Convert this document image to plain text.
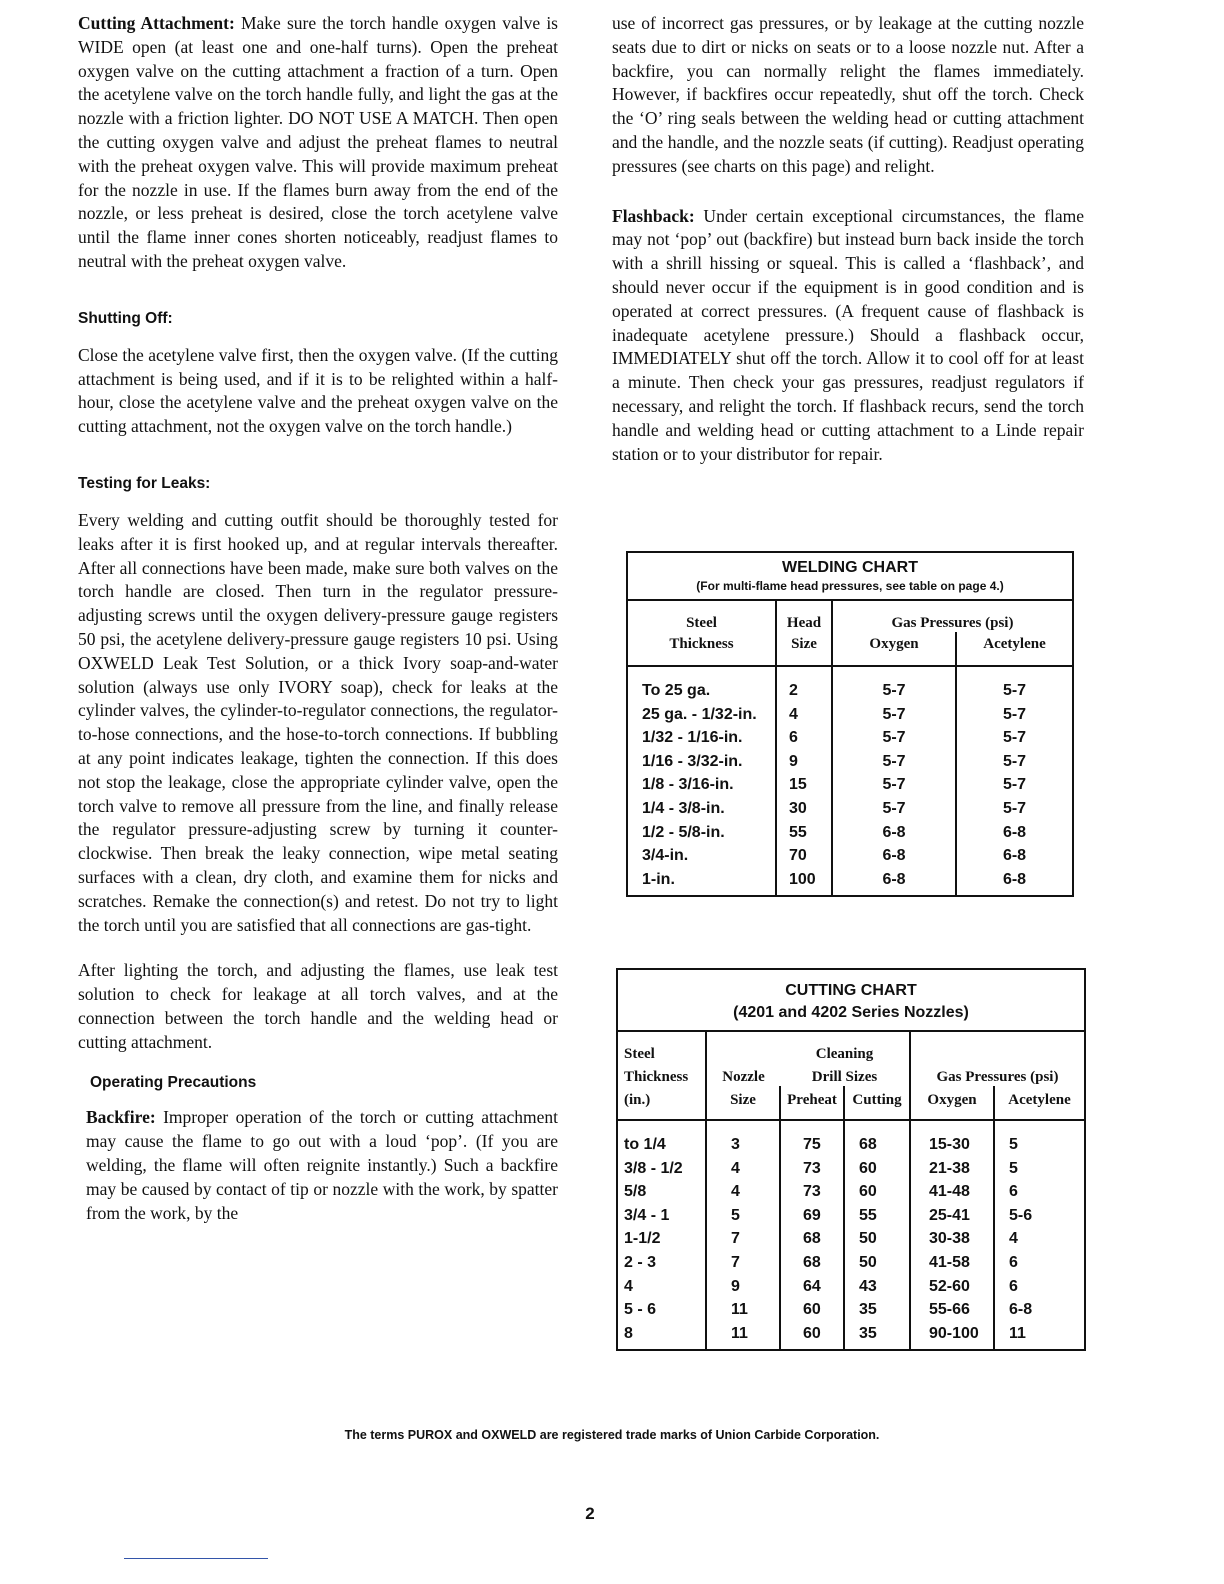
Cutting Attachment: Make sure the torch handle oxygen valve is WIDE open (at least one and one-half turns). Open the preheat oxygen valve on the cutting attachment a fraction of a turn. Open the acetylene valve on the torch handle fully, and light the gas at the nozzle with a friction lighter. DO NOT USE A MATCH. Then open the cutting oxygen valve and adjust the preheat flames to neutral with the preheat oxygen valve. This will provide maximum preheat for the nozzle in use. If the flames burn away from the end of the nozzle, or less preheat is desired, close the torch acetylene valve until the flame inner cones shorten noticeably, readjust flames to neutral with the preheat oxygen valve.

Shutting Off:

Close the acetylene valve first, then the oxygen valve. (If the cutting attachment is being used, and if it is to be relighted within a half-hour, close the acetylene valve and the preheat oxygen valve on the cutting attachment, not the oxygen valve on the torch handle.)

Testing for Leaks:

Every welding and cutting outfit should be thoroughly tested for leaks after it is first hooked up, and at regular intervals thereafter. After all connections have been made, make sure both valves on the torch handle are closed. Then turn in the regulator pressure-adjusting screws until the oxygen delivery-pressure gauge registers 50 psi, the acetylene delivery-pressure gauge registers 10 psi. Using OXWELD Leak Test Solution, or a thick Ivory soap-and-water solution (always use only IVORY soap), check for leaks at the cylinder valves, the cylinder-to-regulator connections, the regulator-to-hose connections, and the hose-to-torch connections. If bubbling at any point indicates leakage, tighten the connection. If this does not stop the leakage, close the appropriate cylinder valve, open the torch valve to remove all pressure from the line, and finally release the regulator pressure-adjusting screw by turning it counter-clockwise. Then break the leaky connection, wipe metal seating surfaces with a clean, dry cloth, and examine them for nicks and scratches. Remake the connection(s) and retest. Do not try to light the torch until you are satisfied that all connections are gas-tight.

After lighting the torch, and adjusting the flames, use leak test solution to check for leakage at all torch valves, and at the connection between the torch handle and the welding head or cutting attachment.

Operating Precautions

Backfire: Improper operation of the torch or cutting attachment may cause the flame to go out with a loud ‘pop’. (If you are welding, the flame will often reignite instantly.) Such a backfire may be caused by contact of tip or nozzle with the work, by spatter from the work, by the

use of incorrect gas pressures, or by leakage at the cutting nozzle seats due to dirt or nicks on seats or to a loose nozzle nut. After a backfire, you can normally relight the flames immediately. However, if backfires occur repeatedly, shut off the torch. Check the ‘O’ ring seals between the welding head or cutting attachment and the handle, and the nozzle seats (if cutting). Readjust operating pressures (see charts on this page) and relight.

Flashback: Under certain exceptional circumstances, the flame may not ‘pop’ out (backfire) but instead burn back inside the torch with a shrill hissing or squeal. This is called a ‘flashback’, and should never occur if the equipment is in good condition and is operated at correct pressures. (A frequent cause of flashback is inadequate acetylene pressure.) Should a flashback occur, IMMEDIATELY shut off the torch. Allow it to cool off for at least a minute. Then check your gas pressures, readjust regulators if necessary, and relight the torch. If flashback recurs, send the torch handle and welding head or cutting attachment to a Linde repair station or to your distributor for repair.

WELDING CHART			
(For multi-flame head pressures, see table on page 4.)			
Steel	Head	Gas Pressures (psi)	
Thickness	Size	Oxygen	Acetylene
To 25 ga.	2	5-7	5-7
25 ga. - 1/32-in.	4	5-7	5-7
1/32 - 1/16-in.	6	5-7	5-7
1/16 - 3/32-in.	9	5-7	5-7
1/8 - 3/16-in.	15	5-7	5-7
1/4 - 3/8-in.	30	5-7	5-7
1/2 - 5/8-in.	55	6-8	6-8
3/4-in.	70	6-8	6-8
1-in.	100	6-8	6-8
CUTTING CHART					
(4201 and 4202 Series Nozzles)					
Steel		Cleaning			
Thickness	Nozzle	Drill Sizes		Gas Pressures (psi)	
(in.)	Size	Preheat	Cutting	Oxygen	Acetylene
to 1/4	3	75	68	15-30	5
3/8 - 1/2	4	73	60	21-38	5
5/8	4	73	60	41-48	6
3/4 - 1	5	69	55	25-41	5-6
1-1/2	7	68	50	30-38	4
2 - 3	7	68	50	41-58	6
4	9	64	43	52-60	6
5 - 6	11	60	35	55-66	6-8
8	11	60	35	90-100	11
The terms PUROX and OXWELD are registered trade marks of Union Carbide Corporation.
2
